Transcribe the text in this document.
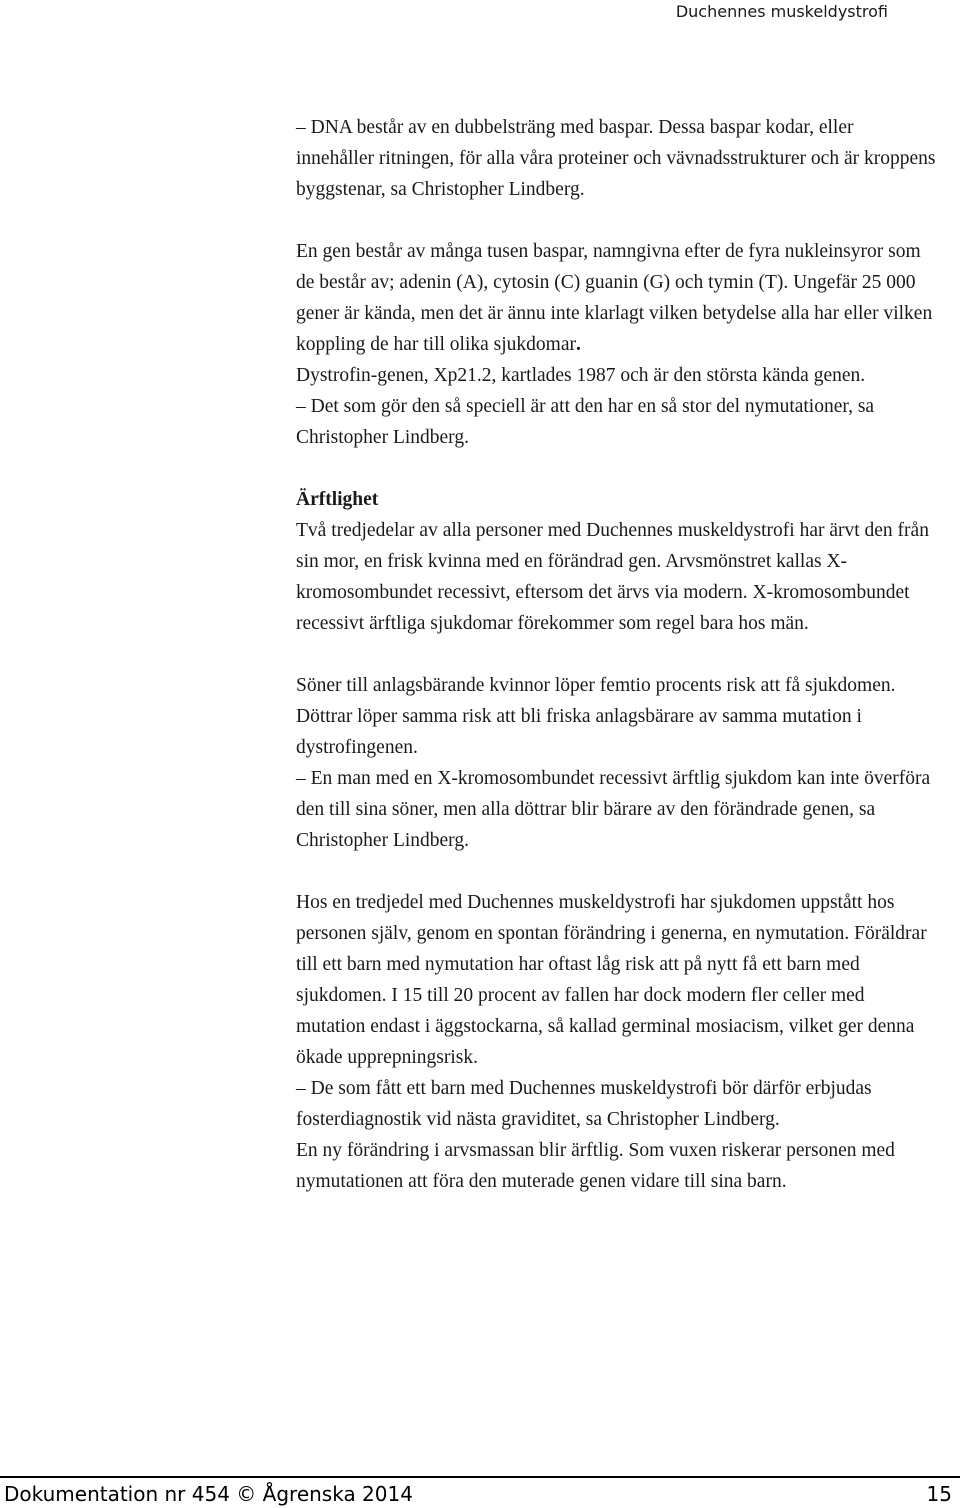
Duchennes muskeldystrofi

– DNA består av en dubbelsträng med baspar. Dessa baspar kodar, eller innehåller ritningen, för alla våra proteiner och vävnadsstrukturer och är kroppens byggstenar, sa Christopher Lindberg.

En gen består av många tusen baspar, namngivna efter de fyra nukleinsyror som de består av; adenin (A), cytosin (C) guanin (G) och tymin (T). Ungefär 25 000 gener är kända, men det är ännu inte klarlagt vilken betydelse alla har eller vilken koppling de har till olika sjukdomar.

Dystrofin-genen, Xp21.2, kartlades 1987 och är den största kända genen.

– Det som gör den så speciell är att den har en så stor del nymutationer, sa Christopher Lindberg.

Ärftlighet

Två tredjedelar av alla personer med Duchennes muskeldystrofi har ärvt den från sin mor, en frisk kvinna med en förändrad gen. Arvsmönstret kallas X-kromosombundet recessivt, eftersom det ärvs via modern. X-kromosombundet recessivt ärftliga sjukdomar förekommer som regel bara hos män.

Söner till anlagsbärande kvinnor löper femtio procents risk att få sjukdomen. Döttrar löper samma risk att bli friska anlagsbärare av samma mutation i dystrofingenen.

– En man med en X-kromosombundet recessivt ärftlig sjukdom kan inte överföra den till sina söner, men alla döttrar blir bärare av den förändrade genen, sa Christopher Lindberg.

Hos en tredjedel med Duchennes muskeldystrofi har sjukdomen uppstått hos personen själv, genom en spontan förändring i generna, en nymutation. Föräldrar till ett barn med nymutation har oftast låg risk att på nytt få ett barn med sjukdomen. I 15 till 20 procent av fallen har dock modern fler celler med mutation endast i äggstockarna, så kallad germinal mosiacism, vilket ger denna ökade upprepningsrisk.

– De som fått ett barn med Duchennes muskeldystrofi bör därför erbjudas fosterdiagnostik vid nästa graviditet, sa Christopher Lindberg.

En ny förändring i arvsmassan blir ärftlig. Som vuxen riskerar personen med nymutationen att föra den muterade genen vidare till sina barn.

Dokumentation nr 454 © Ågrenska 2014	15
